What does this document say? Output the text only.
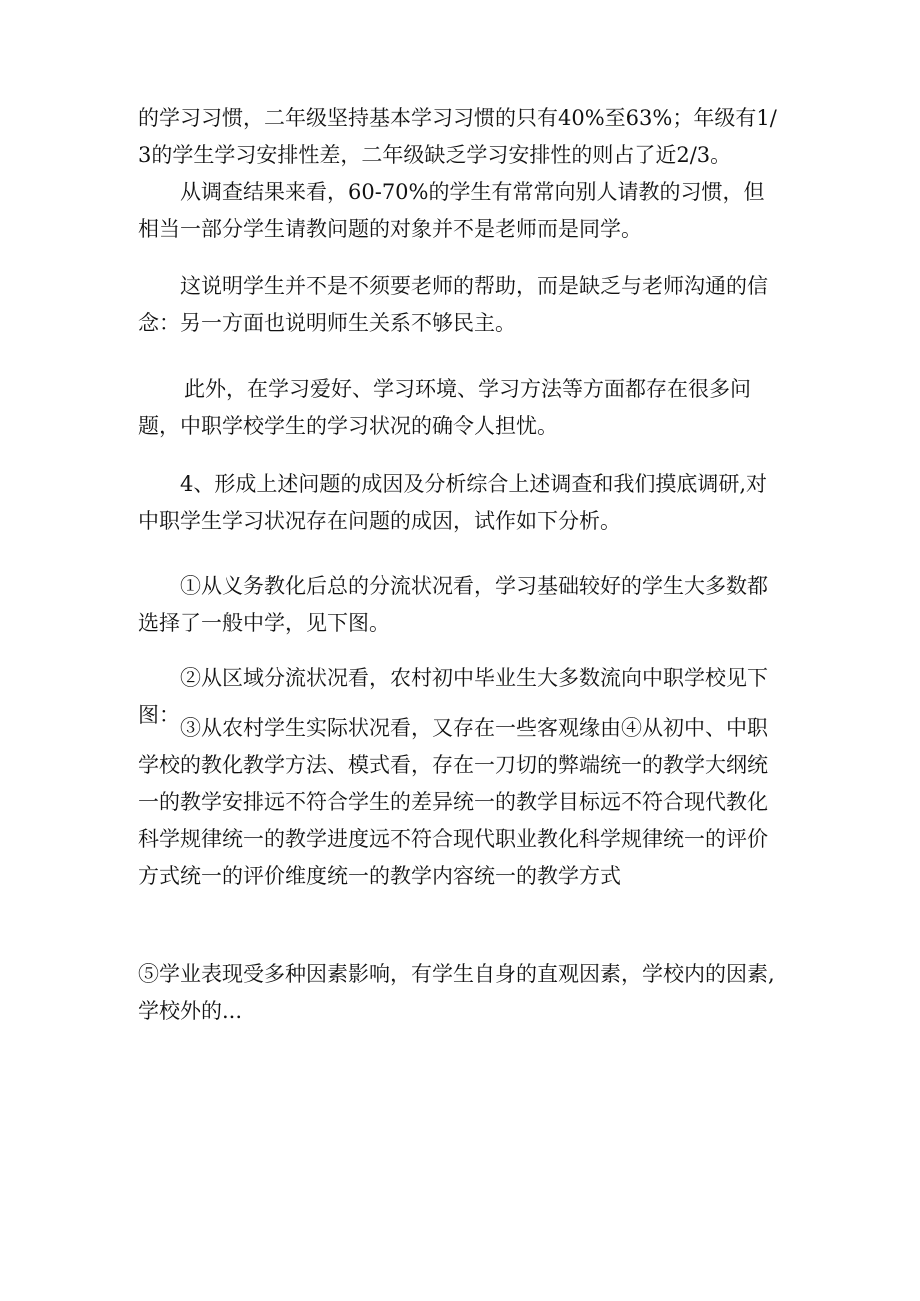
的学习习惯，二年级坚持基本学习习惯的只有40%至63%；年级有1/3的学生学习安排性差，二年级缺乏学习安排性的则占了近2/3。

从调查结果来看，60-70%的学生有常常向别人请教的习惯，但相当一部分学生请教问题的对象并不是老师而是同学。

这说明学生并不是不须要老师的帮助，而是缺乏与老师沟通的信念：另一方面也说明师生关系不够民主。

此外，在学习爱好、学习环境、学习方法等方面都存在很多问题，中职学校学生的学习状况的确令人担忧。

4、形成上述问题的成因及分析综合上述调查和我们摸底调研,对中职学生学习状况存在问题的成因，试作如下分析。

①从义务教化后总的分流状况看，学习基础较好的学生大多数都选择了一般中学，见下图。

②从区域分流状况看，农村初中毕业生大多数流向中职学校见下图：

③从农村学生实际状况看，又存在一些客观缘由④从初中、中职学校的教化教学方法、模式看，存在一刀切的弊端统一的教学大纲统一的教学安排远不符合学生的差异统一的教学目标远不符合现代教化科学规律统一的教学进度远不符合现代职业教化科学规律统一的评价方式统一的评价维度统一的教学内容统一的教学方式

⑤学业表现受多种因素影响，有学生自身的直观因素，学校内的因素,学校外的...
